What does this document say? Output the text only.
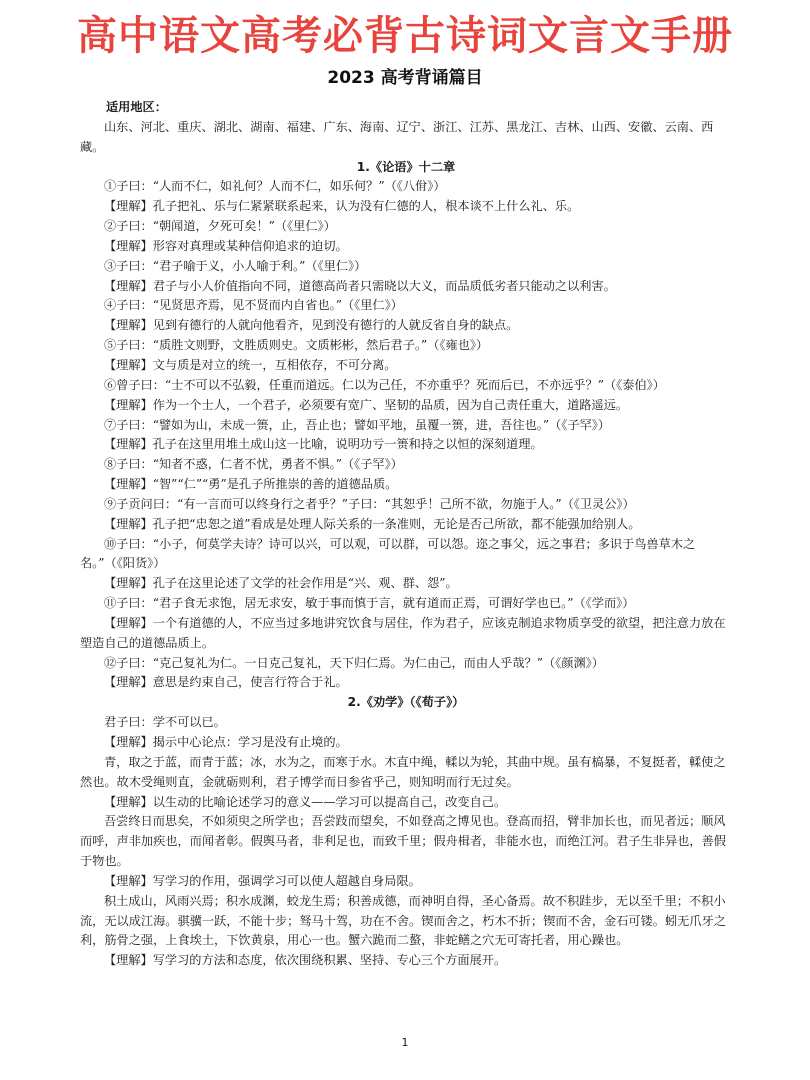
高中语文高考必背古诗词文言文手册
2023 高考背诵篇目

适用地区：

山东、河北、重庆、湖北、湖南、福建、广东、海南、辽宁、浙江、江苏、黑龙江、吉林、山西、安徽、云南、西藏。

1.《论语》十二章

①子曰：“人而不仁，如礼何？人而不仁，如乐何？”（《八佾》）

【理解】孔子把礼、乐与仁紧紧联系起来，认为没有仁德的人，根本谈不上什么礼、乐。

②子曰：“朝闻道，夕死可矣！”（《里仁》）

【理解】形容对真理或某种信仰追求的迫切。

③子曰：“君子喻于义，小人喻于利。”（《里仁》）

【理解】君子与小人价值指向不同，道德高尚者只需晓以大义，而品质低劣者只能动之以利害。

④子曰：“见贤思齐焉，见不贤而内自省也。”（《里仁》）

【理解】见到有德行的人就向他看齐，见到没有德行的人就反省自身的缺点。

⑤子曰：“质胜文则野，文胜质则史。文质彬彬，然后君子。”（《雍也》）

【理解】文与质是对立的统一，互相依存，不可分离。

⑥曾子曰：“士不可以不弘毅，任重而道远。仁以为己任，不亦重乎？死而后已，不亦远乎？”（《泰伯》）

【理解】作为一个士人，一个君子，必须要有宽广、坚韧的品质，因为自己责任重大，道路遥远。

⑦子曰：“譬如为山，未成一篑，止，吾止也；譬如平地，虽覆一篑，进，吾往也。”（《子罕》）

【理解】孔子在这里用堆土成山这一比喻，说明功亏一篑和持之以恒的深刻道理。

⑧子曰：“知者不惑，仁者不忧，勇者不惧。”（《子罕》）

【理解】“智”“仁”“勇”是孔子所推崇的善的道德品质。

⑨子贡问曰：“有一言而可以终身行之者乎？”子曰：“其恕乎！己所不欲，勿施于人。”（《卫灵公》）

【理解】孔子把“忠恕之道”看成是处理人际关系的一条准则，无论是否己所欲，都不能强加给别人。

⑩子曰：“小子，何莫学夫诗？诗可以兴，可以观，可以群，可以怨。迩之事父，远之事君；多识于鸟兽草木之名。”（《阳货》）

【理解】孔子在这里论述了文学的社会作用是“兴、观、群、怨”。

⑪子曰：“君子食无求饱，居无求安，敏于事而慎于言，就有道而正焉，可谓好学也已。”（《学而》）

【理解】一个有道德的人，不应当过多地讲究饮食与居住，作为君子，应该克制追求物质享受的欲望，把注意力放在塑造自己的道德品质上。

⑫子曰：“克己复礼为仁。一日克己复礼，天下归仁焉。为仁由己，而由人乎哉？”（《颜渊》）

【理解】意思是约束自己，使言行符合于礼。

2.《劝学》（《荀子》）

君子曰：学不可以已。

【理解】揭示中心论点：学习是没有止境的。

青，取之于蓝，而青于蓝；冰，水为之，而寒于水。木直中绳，輮以为轮，其曲中规。虽有槁暴，不复挺者，輮使之然也。故木受绳则直，金就砺则利，君子博学而日参省乎己，则知明而行无过矣。

【理解】以生动的比喻论述学习的意义——学习可以提高自己，改变自己。

吾尝终日而思矣，不如须臾之所学也；吾尝跂而望矣，不如登高之博见也。登高而招，臂非加长也，而见者远；顺风而呼，声非加疾也，而闻者彰。假舆马者，非利足也，而致千里；假舟楫者，非能水也，而绝江河。君子生非异也，善假于物也。

【理解】写学习的作用，强调学习可以使人超越自身局限。

积土成山，风雨兴焉；积水成渊，蛟龙生焉；积善成德，而神明自得，圣心备焉。故不积跬步，无以至千里；不积小流，无以成江海。骐骥一跃，不能十步；驽马十驾，功在不舍。锲而舍之，朽木不折；锲而不舍，金石可镂。蚓无爪牙之利，筋骨之强，上食埃土，下饮黄泉，用心一也。蟹六跪而二螯，非蛇鳝之穴无可寄托者，用心躁也。

【理解】写学习的方法和态度，依次围绕积累、坚持、专心三个方面展开。

1
